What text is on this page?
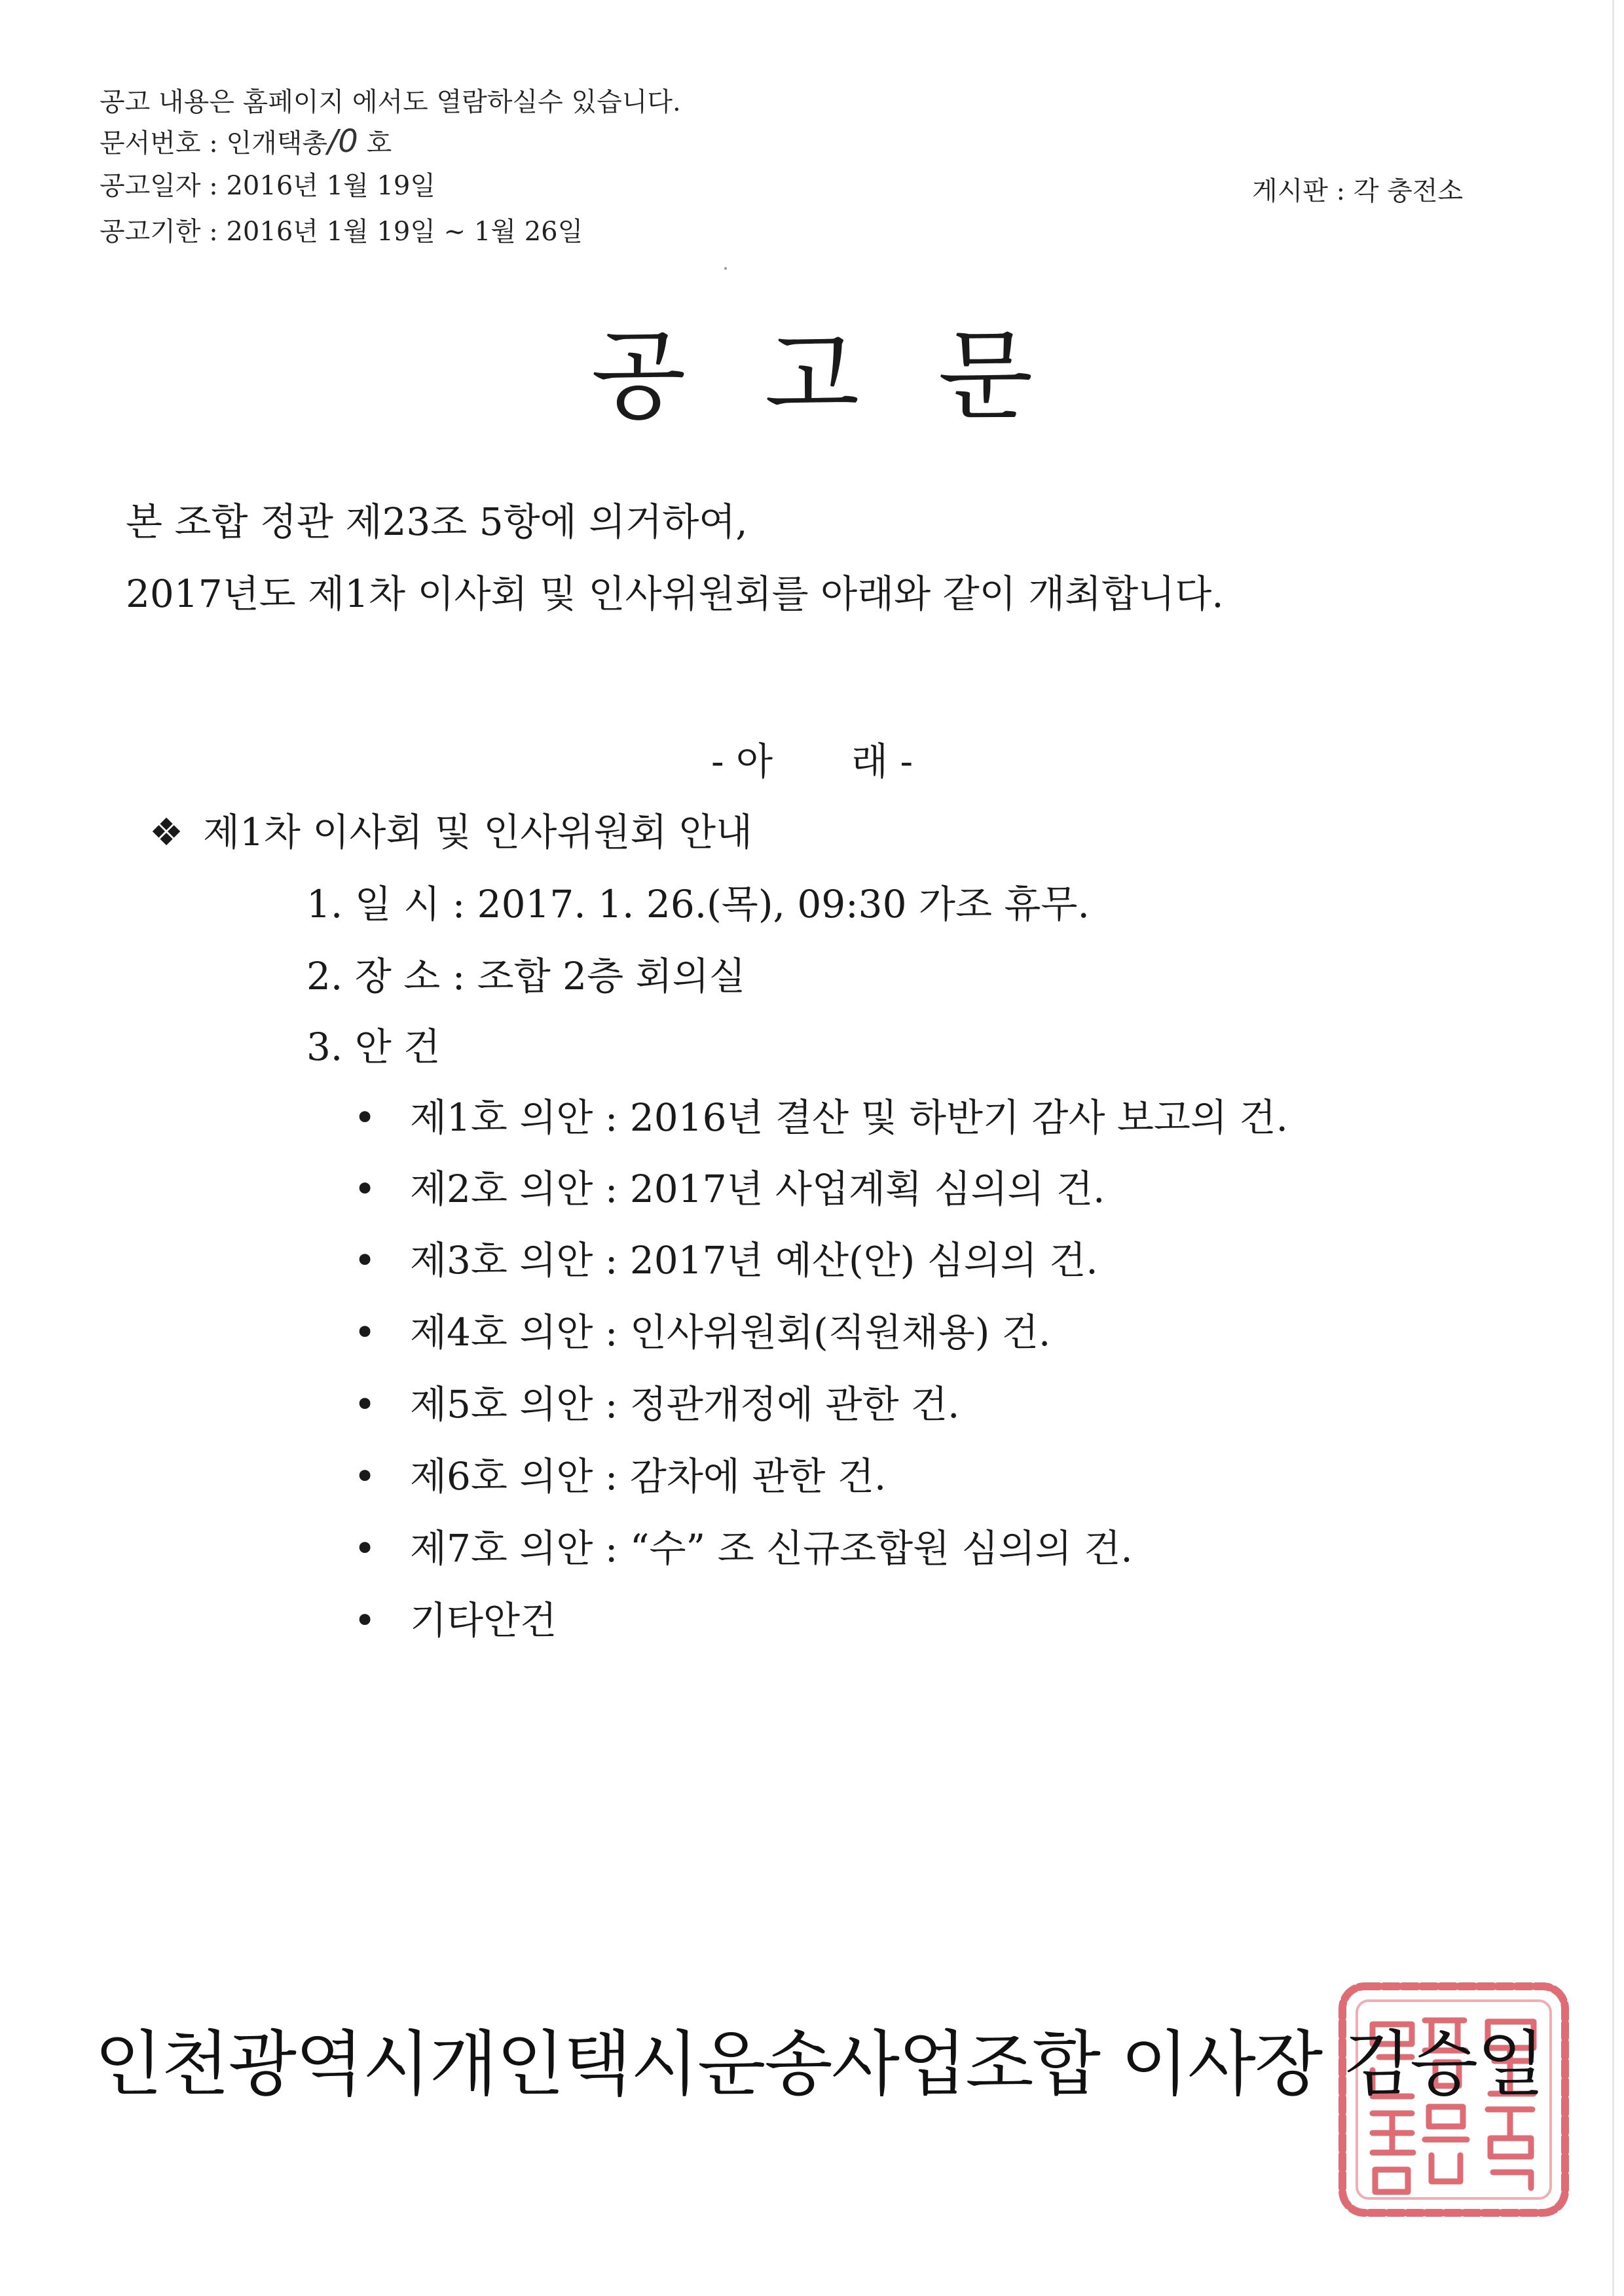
공고 내용은 홈페이지 에서도 열람하실수 있습니다.
문서번호 : 인개택총/0 호
공고일자 : 2016년 1월 19일
공고기한 : 2016년 1월 19일 ~ 1월 26일
게시판 : 각 충전소
공 고 문
본 조합 정관 제23조 5항에 의거하여,
2017년도 제1차 이사회 및 인사위원회를 아래와 같이 개최합니다.
- 아 래 -
❖ 제1차 이사회 및 인사위원회 안내
1. 일 시 : 2017. 1. 26.(목), 09:30 가조 휴무.
2. 장 소 : 조합 2층 회의실
3. 안 건
• 제1호 의안 : 2016년 결산 및 하반기 감사 보고의 건.
• 제2호 의안 : 2017년 사업계획 심의의 건.
• 제3호 의안 : 2017년 예산(안) 심의의 건.
• 제4호 의안 : 인사위원회(직원채용) 건.
• 제5호 의안 : 정관개정에 관한 건.
• 제6호 의안 : 감차에 관한 건.
• 제7호 의안 : “수” 조 신규조합원 심의의 건.
• 기타안건
인천광역시개인택시운송사업조합 이사장 김승일
